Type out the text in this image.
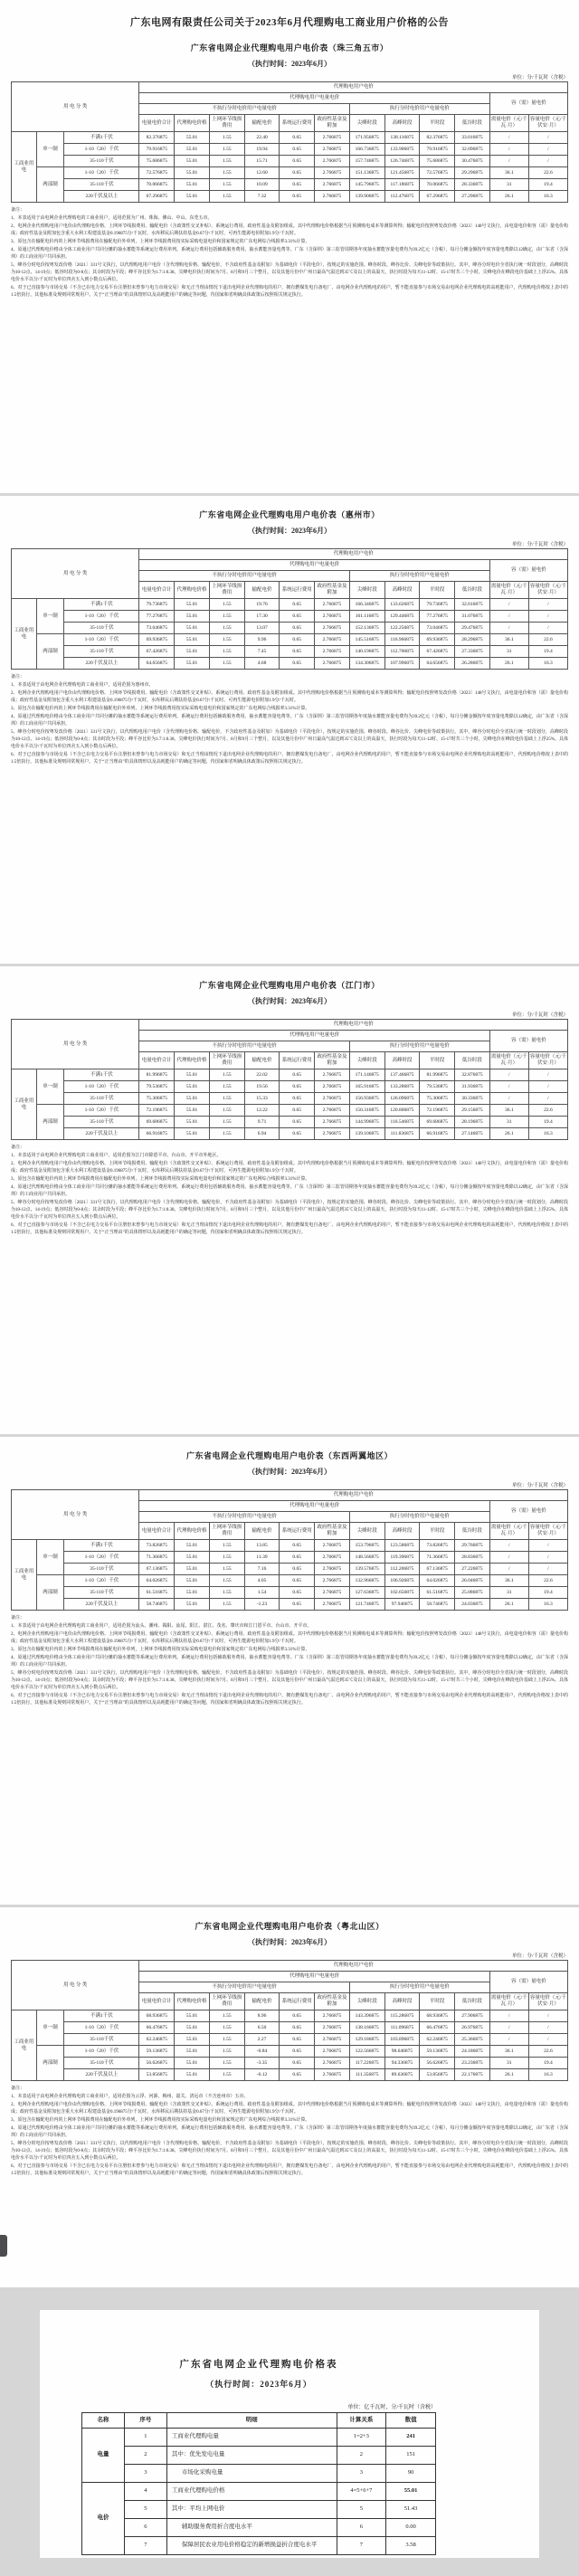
广东电网有限责任公司关于2023年6月代理购电工商业用户价格的公告
广东省电网企业代理购电用户电价表（珠三角五市）
（执行时间：2023年6月）
单位：分/千瓦时（含税）
用 电 分 类			代理购电用户电价											
			代理购电用户电量电价										容（需）量电价	
			不执行分时电价用户电量电价						执行分时电价用户电量电价					
			电量电价合计	代理购电价格	上网环节线损费用	输配电价	系统运行费用	政府性基金及附加	尖峰时段	高峰时段	平时段	低谷时段	需量电价（元/千瓦·月）	容量电价（元/千伏安·月）
工商业用电	单一制	不满1千伏	82.376875	55.01	1.55	22.40	0.65	2.766875	171.956875	138.116875	82.376875	33.016875	/	/
		1-10（20）千伏	79.916875	55.01	1.55	19.94	0.65	2.766875	166.736875	133.906875	79.916875	32.096875	/	/
		35-110千伏	75.686875	55.01	1.55	15.71	0.65	2.766875	157.746875	126.746875	75.686875	30.476875	/	/
	两部制	1-10（20）千伏	72.576875	55.01	1.55	12.60	0.65	2.766875	151.136875	121.456875	72.576875	29.296875	36.1	22.6
		35-110千伏	70.066875	55.01	1.55	10.09	0.65	2.766875	145.796875	117.186875	70.066875	28.336875	31	19.4
		220千伏及以上	67.296875	55.01	1.55	7.32	0.65	2.766875	139.906875	112.476875	67.296875	27.296875	26.1	16.3
备注：
1、本表适用于由电网企业代理购电的工商业用户，适用范围为广州、珠海、佛山、中山、东莞五市。
2、电网企业代理购电用户电价由代理购电价格、上网环节线损费用、输配电价（含政策性交叉补贴）、系统运行费用、政府性基金及附加组成。其中代理购电价格根据当月预测购电成本等测算所得；输配电价按照粤发改价格〔2023〕148号文执行，由电量电价和容（需）量电价构成；政府性基金及附加包含重大水利工程建设基金0.196875分/千瓦时，水库移民后期扶持基金0.67分/千瓦时，可再生能源电价附加1.9分/千瓦时。
3、原包含在输配电价内的上网环节线损费用在输配电价外单列，上网环节线损费用按实际采购电量电价和国家规定的广东电网综合线损率3.31%计算。
4、原通过代理购电价格由全体工商业用户共同分摊的抽水蓄能等系统运行费用单列。系统运行费用包括辅助服务费用、抽水蓄能容量电费等。广东（含深圳）第三监管周期各年度抽水蓄能容量电费均为39.2亿元（含税），每月分摊金额按年度容量电费除以12确定，由广东省（含深圳）的工商业用户共同承担。
5、峰谷分时电价按粤发改价格〔2021〕331号文执行，以代理购电用户电价（含代理购电价格、输配电价，不含政府性基金及附加）为基础电价（平段电价），按规定的实施范围、峰谷时段、峰谷比价、尖峰电价等政策执行。其中，峰谷分时电价全省执行统一时段划分，高峰时段为10-12点、14-19点；低谷时段为0-8点；其余时段为平段；峰平谷比价为1.7:1:0.38。尖峰电价执行时间为7月、8月和9月三个整月，以及其他月份中广州日最高气温达到35℃及以上的高温天，执行时段为每天11-12时、15-17时共三个小时，尖峰电价在峰段电价基础上上浮25%。具体电价水平以分/千瓦时为单位四舍五入到小数点后两位。
6、对于已直接参与市场交易（不含已在电力交易平台注册但未曾参与电力市场交易）和无正当理由情况下退出电网企业代理购电的用户，拥有燃煤发电自备电厂、由电网企业代理购电的用户，暂不能直接参与市场交易由电网企业代理购电的高耗能用户，代理购电价格按上表中的1.5倍执行，其他标准及规则同常规用户。关于“正当理由”的具体情形以及高耗能用户的确定等问题，待国家和省明确具体政策后按照相关规定执行。
广东省电网企业代理购电用户电价表（惠州市）
（执行时间：2023年6月）
单位：分/千瓦时（含税）
用 电 分 类			代理购电用户电价											
			代理购电用户电量电价										容（需）量电价	
			不执行分时电价用户电量电价						执行分时电价用户电量电价					
			电量电价合计	代理购电价格	上网环节线损费用	输配电价	系统运行费用	政府性基金及附加	尖峰时段	高峰时段	平时段	低谷时段	需量电价（元/千瓦·月）	容量电价（元/千伏安·月）
工商业用电	单一制	不满1千伏	79.736875	55.01	1.55	19.76	0.65	2.766875	166.346875	133.626875	79.736875	32.016875	/	/
		1-10（20）千伏	77.276875	55.01	1.55	17.30	0.65	2.766875	161.116875	129.446875	77.276875	31.076875	/	/
		35-110千伏	73.046875	55.01	1.55	13.07	0.65	2.766875	152.136875	122.256875	73.046875	29.476875	/	/
	两部制	1-10（20）千伏	69.936875	55.01	1.55	9.96	0.65	2.766875	145.516875	116.966875	69.936875	28.296875	36.1	22.6
		35-110千伏	67.426875	55.01	1.55	7.45	0.65	2.766875	140.196875	112.706875	67.426875	27.336875	31	19.4
		220千伏及以上	64.656875	55.01	1.55	4.68	0.65	2.766875	134.306875	107.996875	64.656875	26.286875	26.1	16.3
备注：
1、本表适用于由电网企业代理购电的工商业用户，适用范围为惠州市。
2、电网企业代理购电用户电价由代理购电价格、上网环节线损费用、输配电价（含政策性交叉补贴）、系统运行费用、政府性基金及附加组成。其中代理购电价格根据当月预测购电成本等测算所得；输配电价按照粤发改价格〔2023〕148号文执行，由电量电价和容（需）量电价构成；政府性基金及附加包含重大水利工程建设基金0.196875分/千瓦时，水库移民后期扶持基金0.67分/千瓦时，可再生能源电价附加1.9分/千瓦时。
3、原包含在输配电价内的上网环节线损费用在输配电价外单列，上网环节线损费用按实际采购电量电价和国家规定的广东电网综合线损率3.31%计算。
4、原通过代理购电价格由全体工商业用户共同分摊的抽水蓄能等系统运行费用单列。系统运行费用包括辅助服务费用、抽水蓄能容量电费等。广东（含深圳）第三监管周期各年度抽水蓄能容量电费均为39.2亿元（含税），每月分摊金额按年度容量电费除以12确定，由广东省（含深圳）的工商业用户共同承担。
5、峰谷分时电价按粤发改价格〔2021〕331号文执行，以代理购电用户电价（含代理购电价格、输配电价，不含政府性基金及附加）为基础电价（平段电价），按规定的实施范围、峰谷时段、峰谷比价、尖峰电价等政策执行。其中，峰谷分时电价全省执行统一时段划分，高峰时段为10-12点、14-19点；低谷时段为0-8点；其余时段为平段；峰平谷比价为1.7:1:0.38。尖峰电价执行时间为7月、8月和9月三个整月，以及其他月份中广州日最高气温达到35℃及以上的高温天，执行时段为每天11-12时、15-17时共三个小时，尖峰电价在峰段电价基础上上浮25%。具体电价水平以分/千瓦时为单位四舍五入到小数点后两位。
6、对于已直接参与市场交易（不含已在电力交易平台注册但未曾参与电力市场交易）和无正当理由情况下退出电网企业代理购电的用户，拥有燃煤发电自备电厂、由电网企业代理购电的用户，暂不能直接参与市场交易由电网企业代理购电的高耗能用户，代理购电价格按上表中的1.5倍执行，其他标准及规则同常规用户。关于“正当理由”的具体情形以及高耗能用户的确定等问题，待国家和省明确具体政策后按照相关规定执行。
广东省电网企业代理购电用户电价表（江门市）
（执行时间：2023年6月）
单位：分/千瓦时（含税）
用 电 分 类			代理购电用户电价											
			代理购电用户电量电价										容（需）量电价	
			不执行分时电价用户电量电价						执行分时电价用户电量电价					
			电量电价合计	代理购电价格	上网环节线损费用	输配电价	系统运行费用	政府性基金及附加	尖峰时段	高峰时段	平时段	低谷时段	需量电价（元/千瓦·月）	容量电价（元/千伏安·月）
工商业用电	单一制	不满1千伏	81.996875	55.01	1.55	22.02	0.65	2.766875	171.146875	137.466875	81.996875	32.876875	/	/
		1-10（20）千伏	79.536875	55.01	1.55	19.56	0.65	2.766875	165.916875	133.286875	79.536875	31.936875	/	/
		35-110千伏	75.306875	55.01	1.55	15.33	0.65	2.766875	156.936875	126.096875	75.306875	30.336875	/	/
	两部制	1-10（20）千伏	72.196875	55.01	1.55	12.22	0.65	2.766875	150.316875	120.806875	72.196875	29.156875	36.1	22.6
		35-110千伏	69.686875	55.01	1.55	9.71	0.65	2.766875	144.996875	116.546875	69.686875	28.196875	31	19.4
		220千伏及以上	66.916875	55.01	1.55	6.94	0.65	2.766875	139.106875	111.836875	66.916875	27.146875	26.1	16.3
备注：
1、本表适用于由电网企业代理购电的工商业用户，适用范围为江门市除恩平市、台山市、开平市外地区。
2、电网企业代理购电用户电价由代理购电价格、上网环节线损费用、输配电价（含政策性交叉补贴）、系统运行费用、政府性基金及附加组成。其中代理购电价格根据当月预测购电成本等测算所得；输配电价按照粤发改价格〔2023〕148号文执行，由电量电价和容（需）量电价构成；政府性基金及附加包含重大水利工程建设基金0.196875分/千瓦时，水库移民后期扶持基金0.67分/千瓦时，可再生能源电价附加1.9分/千瓦时。
3、原包含在输配电价内的上网环节线损费用在输配电价外单列，上网环节线损费用按实际采购电量电价和国家规定的广东电网综合线损率3.31%计算。
4、原通过代理购电价格由全体工商业用户共同分摊的抽水蓄能等系统运行费用单列。系统运行费用包括辅助服务费用、抽水蓄能容量电费等。广东（含深圳）第三监管周期各年度抽水蓄能容量电费均为39.2亿元（含税），每月分摊金额按年度容量电费除以12确定，由广东省（含深圳）的工商业用户共同承担。
5、峰谷分时电价按粤发改价格〔2021〕331号文执行，以代理购电用户电价（含代理购电价格、输配电价，不含政府性基金及附加）为基础电价（平段电价），按规定的实施范围、峰谷时段、峰谷比价、尖峰电价等政策执行。其中，峰谷分时电价全省执行统一时段划分，高峰时段为10-12点、14-19点；低谷时段为0-8点；其余时段为平段；峰平谷比价为1.7:1:0.38。尖峰电价执行时间为7月、8月和9月三个整月，以及其他月份中广州日最高气温达到35℃及以上的高温天，执行时段为每天11-12时、15-17时共三个小时，尖峰电价在峰段电价基础上上浮25%。具体电价水平以分/千瓦时为单位四舍五入到小数点后两位。
6、对于已直接参与市场交易（不含已在电力交易平台注册但未曾参与电力市场交易）和无正当理由情况下退出电网企业代理购电的用户，拥有燃煤发电自备电厂、由电网企业代理购电的用户，暂不能直接参与市场交易由电网企业代理购电的高耗能用户，代理购电价格按上表中的1.5倍执行，其他标准及规则同常规用户。关于“正当理由”的具体情形以及高耗能用户的确定等问题，待国家和省明确具体政策后按照相关规定执行。
广东省电网企业代理购电用户电价表（东西两翼地区）
（执行时间：2023年6月）
单位：分/千瓦时（含税）
用 电 分 类			代理购电用户电价											
			代理购电用户电量电价										容（需）量电价	
			不执行分时电价用户电量电价						执行分时电价用户电量电价					
			电量电价合计	代理购电价格	上网环节线损费用	输配电价	系统运行费用	政府性基金及附加	尖峰时段	高峰时段	平时段	低谷时段	需量电价（元/千瓦·月）	容量电价（元/千伏安·月）
工商业用电	单一制	不满1千伏	73.826875	55.01	1.55	13.85	0.65	2.766875	153.796875	123.586875	73.826875	29.766875	/	/
		1-10（20）千伏	71.366875	55.01	1.55	11.39	0.65	2.766875	148.566875	119.396875	71.366875	28.836875	/	/
		35-110千伏	67.136875	55.01	1.55	7.16	0.65	2.766875	139.576875	112.206875	67.136875	27.226875	/	/
	两部制	1-10（20）千伏	64.026875	55.01	1.55	4.05	0.65	2.766875	132.966875	106.926875	64.026875	26.046875	36.1	22.6
		35-110千伏	61.516875	55.01	1.55	1.54	0.65	2.766875	127.636875	102.656875	61.516875	25.086875	31	19.4
		220千伏及以上	58.746875	55.01	1.55	-1.23	0.65	2.766875	121.746875	97.946875	58.746875	24.036875	26.1	16.3
备注：
1、本表适用于由电网企业代理购电的工商业用户，适用范围为汕头、潮州、揭阳、汕尾、阳江、湛江、茂名、肇庆市和江门恩平市、台山市、开平市。
2、电网企业代理购电用户电价由代理购电价格、上网环节线损费用、输配电价（含政策性交叉补贴）、系统运行费用、政府性基金及附加组成。其中代理购电价格根据当月预测购电成本等测算所得；输配电价按照粤发改价格〔2023〕148号文执行，由电量电价和容（需）量电价构成；政府性基金及附加包含重大水利工程建设基金0.196875分/千瓦时，水库移民后期扶持基金0.67分/千瓦时，可再生能源电价附加1.9分/千瓦时。
3、原包含在输配电价内的上网环节线损费用在输配电价外单列，上网环节线损费用按实际采购电量电价和国家规定的广东电网综合线损率3.31%计算。
4、原通过代理购电价格由全体工商业用户共同分摊的抽水蓄能等系统运行费用单列。系统运行费用包括辅助服务费用、抽水蓄能容量电费等。广东（含深圳）第三监管周期各年度抽水蓄能容量电费均为39.2亿元（含税），每月分摊金额按年度容量电费除以12确定，由广东省（含深圳）的工商业用户共同承担。
5、峰谷分时电价按粤发改价格〔2021〕331号文执行，以代理购电用户电价（含代理购电价格、输配电价，不含政府性基金及附加）为基础电价（平段电价），按规定的实施范围、峰谷时段、峰谷比价、尖峰电价等政策执行。其中，峰谷分时电价全省执行统一时段划分，高峰时段为10-12点、14-19点；低谷时段为0-8点；其余时段为平段；峰平谷比价为1.7:1:0.38。尖峰电价执行时间为7月、8月和9月三个整月，以及其他月份中广州日最高气温达到35℃及以上的高温天，执行时段为每天11-12时、15-17时共三个小时，尖峰电价在峰段电价基础上上浮25%。具体电价水平以分/千瓦时为单位四舍五入到小数点后两位。
6、对于已直接参与市场交易（不含已在电力交易平台注册但未曾参与电力市场交易）和无正当理由情况下退出电网企业代理购电的用户，拥有燃煤发电自备电厂、由电网企业代理购电的用户，暂不能直接参与市场交易由电网企业代理购电的高耗能用户，代理购电价格按上表中的1.5倍执行，其他标准及规则同常规用户。关于“正当理由”的具体情形以及高耗能用户的确定等问题，待国家和省明确具体政策后按照相关规定执行。
广东省电网企业代理购电用户电价表（粤北山区）
（执行时间：2023年6月）
单位：分/千瓦时（含税）
用 电 分 类			代理购电用户电价											
			代理购电用户电量电价										容（需）量电价	
			不执行分时电价用户电量电价						执行分时电价用户电量电价					
			电量电价合计	代理购电价格	上网环节线损费用	输配电价	系统运行费用	政府性基金及附加	尖峰时段	高峰时段	平时段	低谷时段	需量电价（元/千瓦·月）	容量电价（元/千伏安·月）
工商业用电	单一制	不满1千伏	68.936875	55.01	1.55	8.96	0.65	2.766875	143.396875	115.286875	68.936875	27.906875	/	/
		1-10（20）千伏	66.476875	55.01	1.55	6.50	0.65	2.766875	138.166875	111.096875	66.476875	26.976875	/	/
		35-110千伏	62.246875	55.01	1.55	2.27	0.65	2.766875	129.186875	103.896875	62.246875	25.366875	/	/
	两部制	1-10（20）千伏	59.136875	55.01	1.55	-0.84	0.65	2.766875	122.566875	98.646875	59.136875	24.186875	36.1	22.6
		35-110千伏	56.626875	55.01	1.55	-3.35	0.65	2.766875	117.226875	94.336875	56.626875	23.236875	31	19.4
		220千伏及以上	53.856875	55.01	1.55	-6.12	0.65	2.766875	111.356875	89.636875	53.856875	22.176875	26.1	16.3
备注：
1、本表适用于由电网企业代理购电的工商业用户，适用范围为云浮、河源、梅州、韶关、清远市（不含连州市）五市。
2、电网企业代理购电用户电价由代理购电价格、上网环节线损费用、输配电价（含政策性交叉补贴）、系统运行费用、政府性基金及附加组成。其中代理购电价格根据当月预测购电成本等测算所得；输配电价按照粤发改价格〔2023〕148号文执行，由电量电价和容（需）量电价构成；政府性基金及附加包含重大水利工程建设基金0.196875分/千瓦时，水库移民后期扶持基金0.67分/千瓦时，可再生能源电价附加1.9分/千瓦时。
3、原包含在输配电价内的上网环节线损费用在输配电价外单列，上网环节线损费用按实际采购电量电价和国家规定的广东电网综合线损率3.31%计算。
4、原通过代理购电价格由全体工商业用户共同分摊的抽水蓄能等系统运行费用单列。系统运行费用包括辅助服务费用、抽水蓄能容量电费等。广东（含深圳）第三监管周期各年度抽水蓄能容量电费均为39.2亿元（含税），每月分摊金额按年度容量电费除以12确定，由广东省（含深圳）的工商业用户共同承担。
5、峰谷分时电价按粤发改价格〔2021〕331号文执行，以代理购电用户电价（含代理购电价格、输配电价，不含政府性基金及附加）为基础电价（平段电价），按规定的实施范围、峰谷时段、峰谷比价、尖峰电价等政策执行。其中，峰谷分时电价全省执行统一时段划分，高峰时段为10-12点、14-19点；低谷时段为0-8点；其余时段为平段；峰平谷比价为1.7:1:0.38。尖峰电价执行时间为7月、8月和9月三个整月，以及其他月份中广州日最高气温达到35℃及以上的高温天，执行时段为每天11-12时、15-17时共三个小时，尖峰电价在峰段电价基础上上浮25%。具体电价水平以分/千瓦时为单位四舍五入到小数点后两位。
6、对于已直接参与市场交易（不含已在电力交易平台注册但未曾参与电力市场交易）和无正当理由情况下退出电网企业代理购电的用户，拥有燃煤发电自备电厂、由电网企业代理购电的用户，暂不能直接参与市场交易由电网企业代理购电的高耗能用户，代理购电价格按上表中的1.5倍执行，其他标准及规则同常规用户。关于“正当理由”的具体情形以及高耗能用户的确定等问题，待国家和省明确具体政策后按照相关规定执行。
广东省电网企业代理购电价格表
（执行时间：2023年6月）
单位：亿千瓦时，分/千瓦时（含税）
名称	序号	明细	计算关系	数值
电量	1	工商业代理购电量	1=2+3	241
	2	其中：优先发电电量	2	151
	3	市场化采购电量	3	90
电价	4	工商业代理购电价格	4=5+6+7	55.01
	5	其中：平均上网电价	5	51.43
	6	辅助服务费用折合度电水平	6	0.00
	7	保障居民农业用电价格稳定的新增损益折合度电水平	7	3.58
